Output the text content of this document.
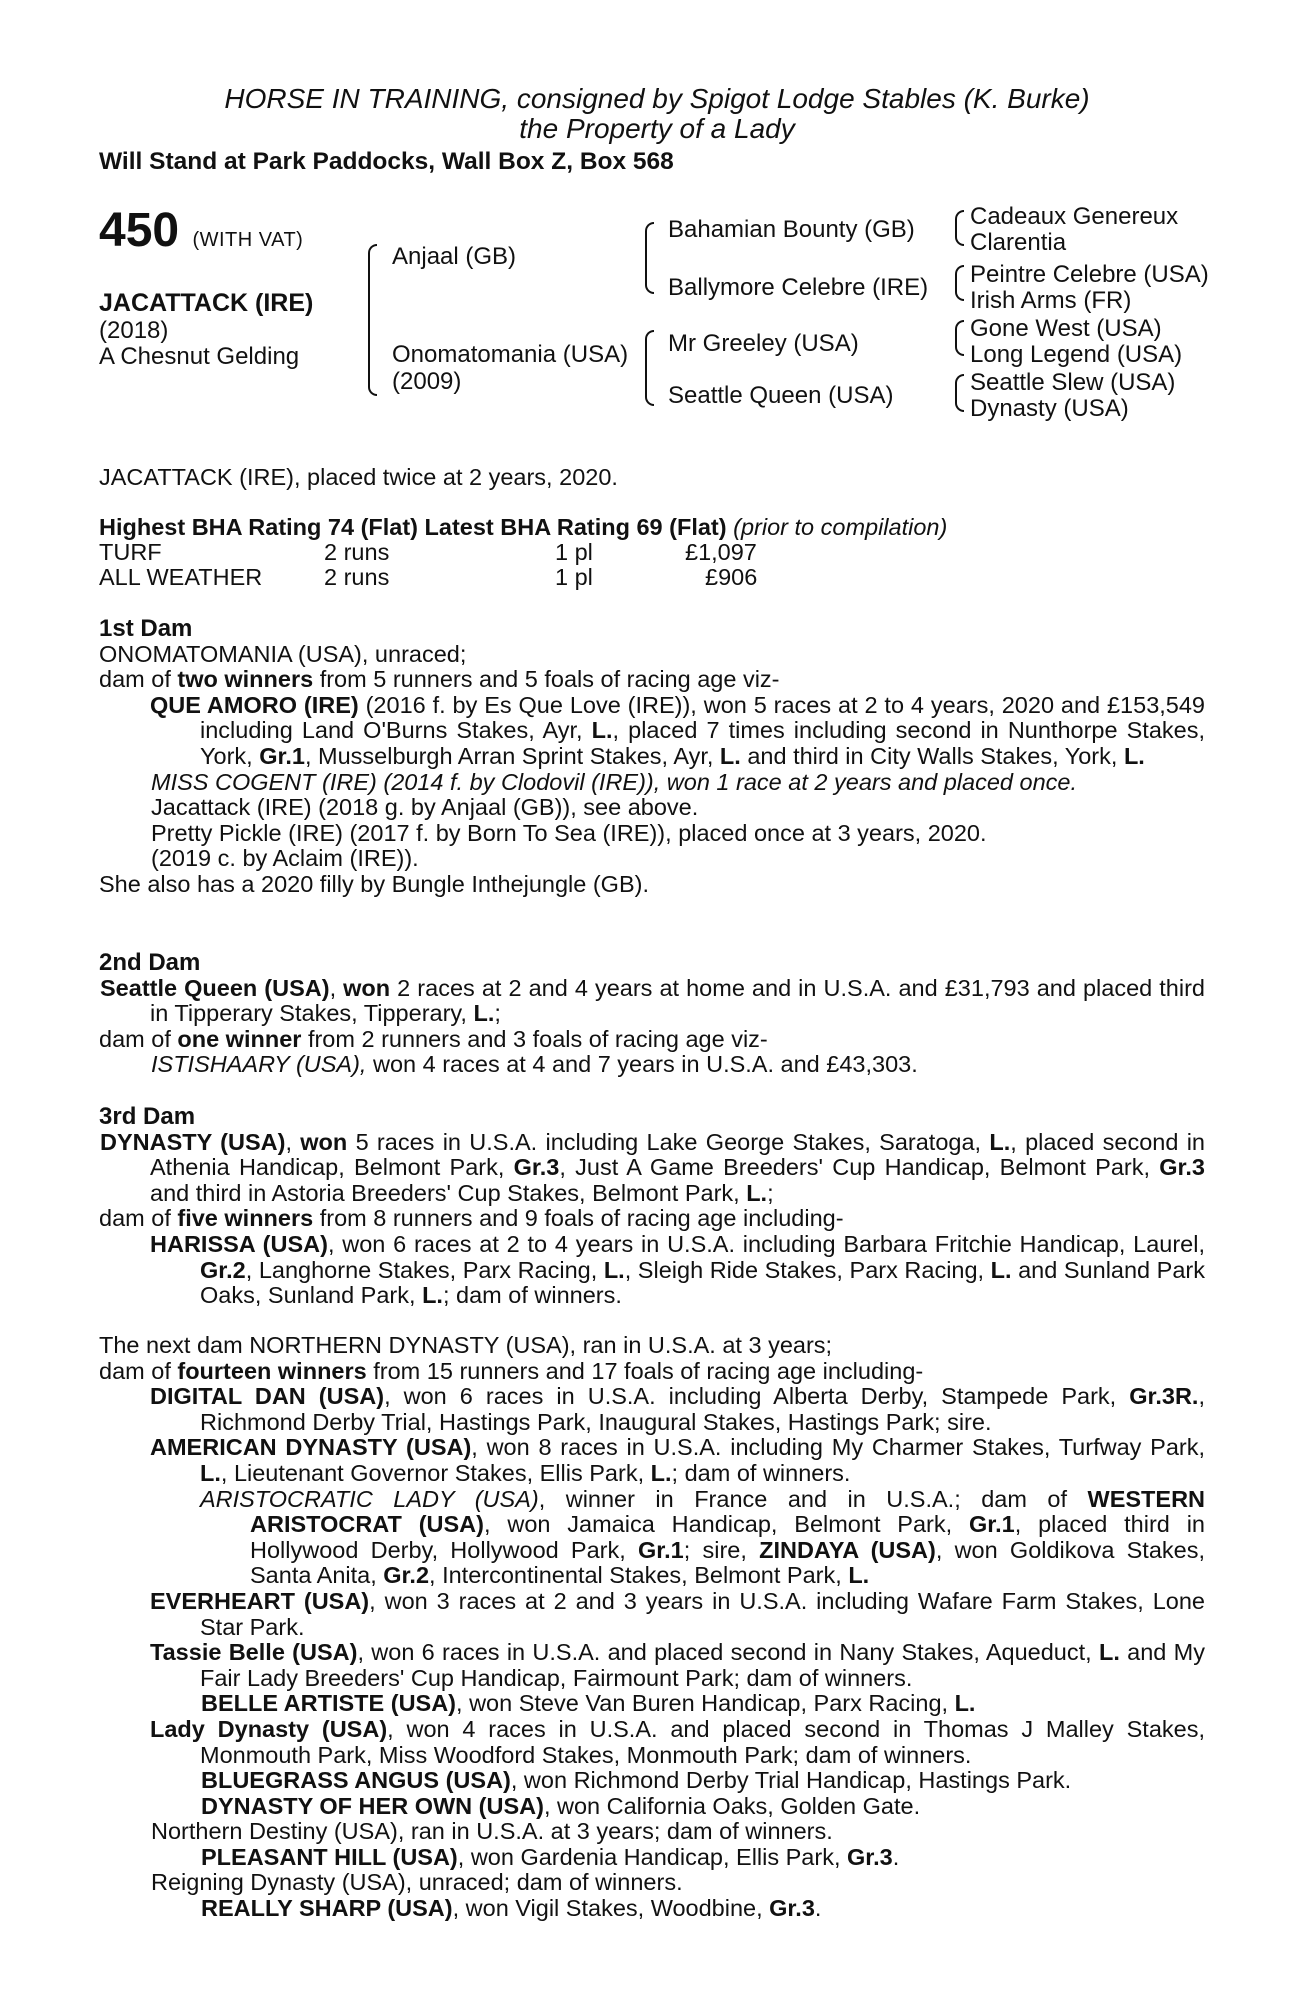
HORSE IN TRAINING, consigned by Spigot Lodge Stables (K. Burke)
the Property of a Lady
Will Stand at Park Paddocks, Wall Box Z, Box 568
450 (WITH VAT)
JACATTACK (IRE)
(2018)
A Chesnut Gelding
Anjaal (GB)
Onomatomania (USA)
(2009)
Bahamian Bounty (GB)
Ballymore Celebre (IRE)
Mr Greeley (USA)
Seattle Queen (USA)
Cadeaux Genereux
Clarentia
Peintre Celebre (USA)
Irish Arms (FR)
Gone West (USA)
Long Legend (USA)
Seattle Slew (USA)
Dynasty (USA)
JACATTACK (IRE), placed twice at 2 years, 2020.
Highest BHA Rating 74 (Flat) Latest BHA Rating 69 (Flat) (prior to compilation)
TURF	2 runs	1 pl	£1,097
ALL WEATHER	2 runs	1 pl	£906

1st Dam

ONOMATOMANIA (USA), unraced;

dam of two winners from 5 runners and 5 foals of racing age viz-

QUE AMORO (IRE) (2016 f. by Es Que Love (IRE)), won 5 races at 2 to 4 years, 2020 and £153,549 including Land O'Burns Stakes, Ayr, L., placed 7 times including second in Nunthorpe Stakes, York, Gr.1, Musselburgh Arran Sprint Stakes, Ayr, L. and third in City Walls Stakes, York, L.

MISS COGENT (IRE) (2014 f. by Clodovil (IRE)), won 1 race at 2 years and placed once.

Jacattack (IRE) (2018 g. by Anjaal (GB)), see above.

Pretty Pickle (IRE) (2017 f. by Born To Sea (IRE)), placed once at 3 years, 2020.

(2019 c. by Aclaim (IRE)).

She also has a 2020 filly by Bungle Inthejungle (GB).

2nd Dam

Seattle Queen (USA), won 2 races at 2 and 4 years at home and in U.S.A. and £31,793 and placed third in Tipperary Stakes, Tipperary, L.;

dam of one winner from 2 runners and 3 foals of racing age viz-

ISTISHAARY (USA), won 4 races at 4 and 7 years in U.S.A. and £43,303.

3rd Dam

DYNASTY (USA), won 5 races in U.S.A. including Lake George Stakes, Saratoga, L., placed second in Athenia Handicap, Belmont Park, Gr.3, Just A Game Breeders' Cup Handicap, Belmont Park, Gr.3 and third in Astoria Breeders' Cup Stakes, Belmont Park, L.;

dam of five winners from 8 runners and 9 foals of racing age including-

HARISSA (USA), won 6 races at 2 to 4 years in U.S.A. including Barbara Fritchie Handicap, Laurel, Gr.2, Langhorne Stakes, Parx Racing, L., Sleigh Ride Stakes, Parx Racing, L. and Sunland Park Oaks, Sunland Park, L.; dam of winners.

The next dam NORTHERN DYNASTY (USA), ran in U.S.A. at 3 years;

dam of fourteen winners from 15 runners and 17 foals of racing age including-

DIGITAL DAN (USA), won 6 races in U.S.A. including Alberta Derby, Stampede Park, Gr.3R., Richmond Derby Trial, Hastings Park, Inaugural Stakes, Hastings Park; sire.

AMERICAN DYNASTY (USA), won 8 races in U.S.A. including My Charmer Stakes, Turfway Park, L., Lieutenant Governor Stakes, Ellis Park, L.; dam of winners.

ARISTOCRATIC LADY (USA), winner in France and in U.S.A.; dam of WESTERN ARISTOCRAT (USA), won Jamaica Handicap, Belmont Park, Gr.1, placed third in Hollywood Derby, Hollywood Park, Gr.1; sire, ZINDAYA (USA), won Goldikova Stakes, Santa Anita, Gr.2, Intercontinental Stakes, Belmont Park, L.

EVERHEART (USA), won 3 races at 2 and 3 years in U.S.A. including Wafare Farm Stakes, Lone Star Park.

Tassie Belle (USA), won 6 races in U.S.A. and placed second in Nany Stakes, Aqueduct, L. and My Fair Lady Breeders' Cup Handicap, Fairmount Park; dam of winners.

BELLE ARTISTE (USA), won Steve Van Buren Handicap, Parx Racing, L.

Lady Dynasty (USA), won 4 races in U.S.A. and placed second in Thomas J Malley Stakes, Monmouth Park, Miss Woodford Stakes, Monmouth Park; dam of winners.

BLUEGRASS ANGUS (USA), won Richmond Derby Trial Handicap, Hastings Park.

DYNASTY OF HER OWN (USA), won California Oaks, Golden Gate.

Northern Destiny (USA), ran in U.S.A. at 3 years; dam of winners.

PLEASANT HILL (USA), won Gardenia Handicap, Ellis Park, Gr.3.

Reigning Dynasty (USA), unraced; dam of winners.

REALLY SHARP (USA), won Vigil Stakes, Woodbine, Gr.3.
